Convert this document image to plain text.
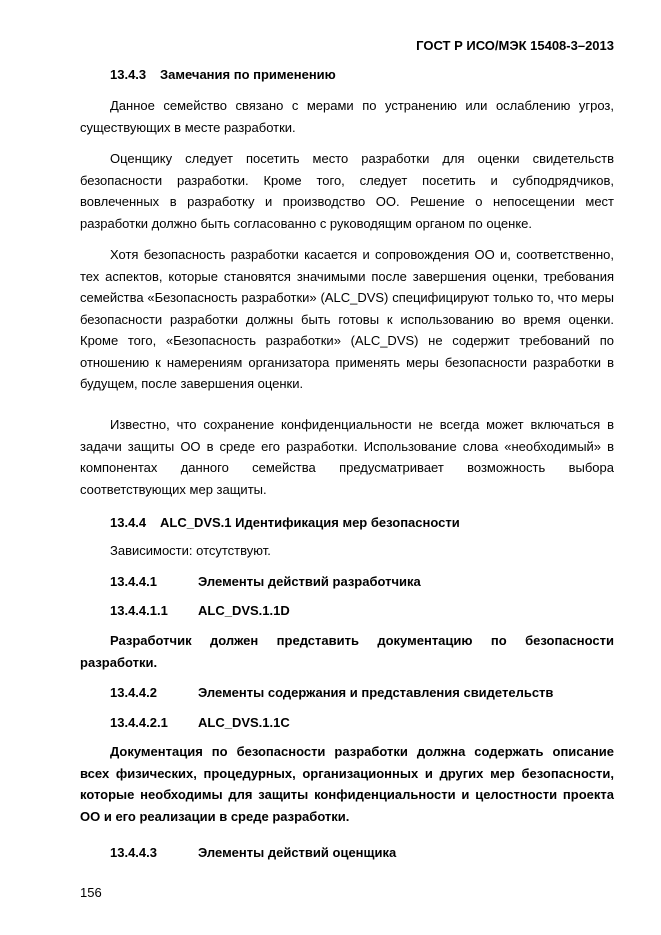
ГОСТ Р ИСО/МЭК 15408-3–2013
13.4.3 Замечания по применению

Данное семейство связано с мерами по устранению или ослаблению угроз, существующих в месте разработки.

Оценщику следует посетить место разработки для оценки свидетельств безопасности разработки. Кроме того, следует посетить и субподрядчиков, вовлеченных в разработку и производство ОО. Решение о непосещении мест разработки должно быть согласованно с руководящим органом по оценке.

Хотя безопасность разработки касается и сопровождения ОО и, соответственно, тех аспектов, которые становятся значимыми после завершения оценки, требования семейства «Безопасность разработки» (ALC_DVS) специфицируют только то, что меры безопасности разработки должны быть готовы к использованию во время оценки. Кроме того, «Безопасность разработки» (ALC_DVS) не содержит требований по отношению к намерениям организатора применять меры безопасности разработки в будущем, после завершения оценки.

Известно, что сохранение конфиденциальности не всегда может включаться в задачи защиты ОО в среде его разработки. Использование слова «необходимый» в компонентах данного семейства предусматривает возможность выбора соответствующих мер защиты.

13.4.4 ALC_DVS.1 Идентификация мер безопасности
Зависимости: отсутствуют.
13.4.4.1	Элементы действий разработчика
13.4.4.1.1 ALC_DVS.1.1D

Разработчик должен представить документацию по безопасности разработки.

13.4.4.2	Элементы содержания и представления свидетельств
13.4.4.2.1 ALC_DVS.1.1C

Документация по безопасности разработки должна содержать описание всех физических, процедурных, организационных и других мер безопасности, которые необходимы для защиты конфиденциальности и целостности проекта ОО и его реализации в среде разработки.

13.4.4.3	Элементы действий оценщика
156
